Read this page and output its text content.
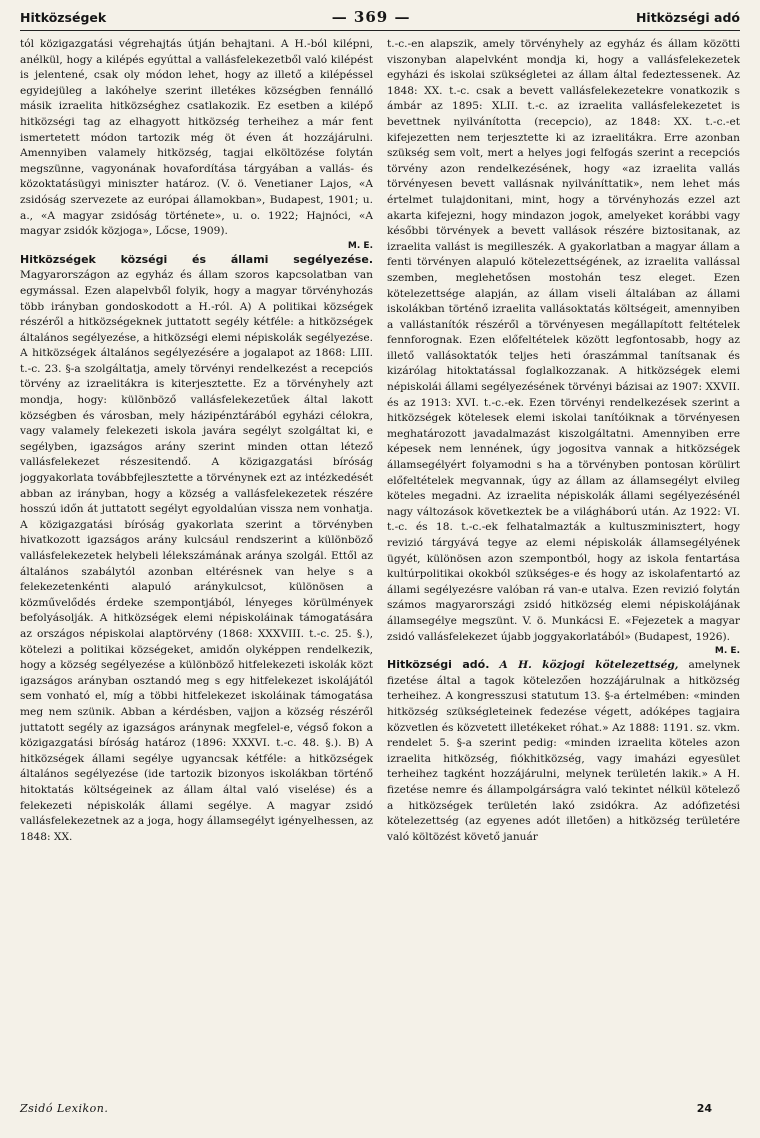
Hitközségek	— 369 —	Hitközségi adó

tól közigazgatási végrehajtás útján behajtani. A H.-ból kilépni, anélkül, hogy a kilépés egyúttal a vallásfelekezetből való kilépést is jelentené, csak oly módon lehet, hogy az illető a kilépéssel egyidejüleg a lakóhelye szerint illetékes községben fennálló másik izraelita hitközséghez csatlakozik. Ez esetben a kilépő hitközségi tag az elhagyott hitközség terheihez a már fent ismertetett módon tartozik még öt éven át hozzájárulni. Amennyiben valamely hitközség, tagjai elköltözése folytán megszünne, vagyonának hovafordítása tárgyában a vallás- és közoktatásügyi miniszter határoz. (V. ö. Venetianer Lajos, «A zsidóság szervezete az európai államokban», Budapest, 1901; u. a., «A magyar zsidóság története», u. o. 1922; Hajnóci, «A magyar zsidók közjoga», Lőcse, 1909).

M. E.

Hitközségek községi és állami segélyezése. Magyarországon az egyház és állam szoros kapcsolatban van egymással. Ezen alapelvből folyik, hogy a magyar törvényhozás több irányban gondoskodott a H.-ról. A) A politikai községek részéről a hitközségeknek juttatott segély kétféle: a hitközségek általános segélyezése, a hitközségi elemi népiskolák segélyezése. A hitközségek általános segélyezésére a jogalapot az 1868: LIII. t.-c. 23. §-a szolgáltatja, amely törvényi rendelkezést a recepciós törvény az izraelitákra is kiterjesztette. Ez a törvényhely azt mondja, hogy: különböző vallásfelekezetűek által lakott községben és városban, mely házipénztárából egyházi célokra, vagy valamely felekezeti iskola javára segélyt szolgáltat ki, e segélyben, igazságos arány szerint minden ottan létező vallásfelekezet részesitendő. A közigazgatási bíróság joggyakorlata továbbfejlesztette a törvénynek ezt az intézkedését abban az irányban, hogy a község a vallásfelekezetek részére hosszú időn át juttatott segélyt egyoldalúan vissza nem vonhatja. A közigazgatási bíróság gyakorlata szerint a törvényben hivatkozott igazságos arány kulcsául rendszerint a különböző vallásfelekezetek helybeli lélekszámának aránya szolgál. Ettől az általános szabálytól azonban eltérésnek van helye s a felekezetenkénti alapuló aránykulcsot, különösen a közművelődés érdeke szempontjából, lényeges körülmények befolyásolják. A hitközségek elemi népiskoláinak támogatására az országos népiskolai alaptörvény (1868: XXXVIII. t.-c. 25. §.), kötelezi a politikai községeket, amidőn olyképpen rendelkezik, hogy a község segélyezése a különböző hitfelekezeti iskolák közt igazságos arányban osztandó meg s egy hitfelekezet iskolájától sem vonható el, míg a többi hitfelekezet iskoláinak támogatása meg nem szünik. Abban a kérdésben, vajjon a község részéről juttatott segély az igazságos aránynak megfelel-e, végső fokon a közigazgatási bíróság határoz (1896: XXXVI. t.-c. 48. §.). B) A hitközségek állami segélye ugyancsak kétféle: a hitközségek általános segélyezése (ide tartozik bizonyos iskolákban történő hitoktatás költségeinek az állam által való viselése) és a felekezeti népiskolák állami segélye. A magyar zsidó vallásfelekezetnek az a joga, hogy államsegélyt igényelhessen, az 1848: XX.

t.-c.-en alapszik, amely törvényhely az egyház és állam közötti viszonyban alapelvként mondja ki, hogy a vallásfelekezetek egyházi és iskolai szükségletei az állam által fedeztessenek. Az 1848: XX. t.-c. csak a bevett vallásfelekezetekre vonatkozik s ámbár az 1895: XLII. t.-c. az izraelita vallásfelekezetet is bevettnek nyilvánította (recepcio), az 1848: XX. t.-c.-et kifejezetten nem terjesztette ki az izraelitákra. Erre azonban szükség sem volt, mert a helyes jogi felfogás szerint a recepciós törvény azon rendelkezésének, hogy «az izraelita vallás törvényesen bevett vallásnak nyilváníttatik», nem lehet más értelmet tulajdonitani, mint, hogy a törvényhozás ezzel azt akarta kifejezni, hogy mindazon jogok, amelyeket korábbi vagy későbbi törvények a bevett vallások részére biztositanak, az izraelita vallást is megilleszék. A gyakorlatban a magyar állam a fenti törvényen alapuló kötelezettségének, az izraelita vallással szemben, meglehetősen mostohán tesz eleget. Ezen kötelezettsége alapján, az állam viseli általában az állami iskolákban történő izraelita vallásoktatás költségeit, amennyiben a vallástanítók részéről a törvényesen megállapított feltételek fennforognak. Ezen előfeltételek között legfontosabb, hogy az illető vallásoktatók teljes heti óraszámmal tanítsanak és kizárólag hitoktatással foglalkozzanak. A hitközségek elemi népiskolái állami segélyezésének törvényi bázisai az 1907: XXVII. és az 1913: XVI. t.-c.-ek. Ezen törvényi rendelkezések szerint a hitközségek kötelesek elemi iskolai tanítóiknak a törvényesen meghatározott javadalmazást kiszolgáltatni. Amennyiben erre képesek nem lennének, úgy jogositva vannak a hitközségek államsegélyért folyamodni s ha a törvényben pontosan körülirt előfeltételek megvannak, úgy az állam az államsegélyt elvileg köteles megadni. Az izraelita népiskolák állami segélyezésénél nagy változások következtek be a világháború után. Az 1922: VI. t.-c. és 18. t.-c.-ek felhatalmazták a kultuszminisztert, hogy revizió tárgyává tegye az elemi népiskolák államsegélyének ügyét, különösen azon szempontból, hogy az iskola fentartása kultúrpolitikai okokból szükséges-e és hogy az iskolafentartó az állami segélyezésre valóban rá van-e utalva. Ezen revizió folytán számos magyarországi zsidó hitközség elemi népiskolájának államsegélye megszünt. V. ö. Munkácsi E. «Fejezetek a magyar zsidó vallásfelekezet újabb joggyakorlatából» (Budapest, 1926).

M. E.

Hitközségi adó. A H. közjogi kötelezettség, amelynek fizetése által a tagok kötelezően hozzájárulnak a hitközség terheihez. A kongresszusi statutum 13. §-a értelmében: «minden hitközség szükségleteinek fedezése végett, adóképes tagjaira közvetlen és közvetett illetékeket róhat.» Az 1888: 1191. sz. vkm. rendelet 5. §-a szerint pedig: «minden izraelita köteles azon izraelita hitközség, fiókhitközség, vagy imaházi egyesület terheihez tagként hozzájárulni, melynek területén lakik.» A H. fizetése nemre és állampolgárságra való tekintet nélkül kötelező a hitközségek területén lakó zsidókra. Az adófizetési kötelezettség (az egyenes adót illetően) a hitközség területére való költözést követő január

Zsidó Lexikon.	24
